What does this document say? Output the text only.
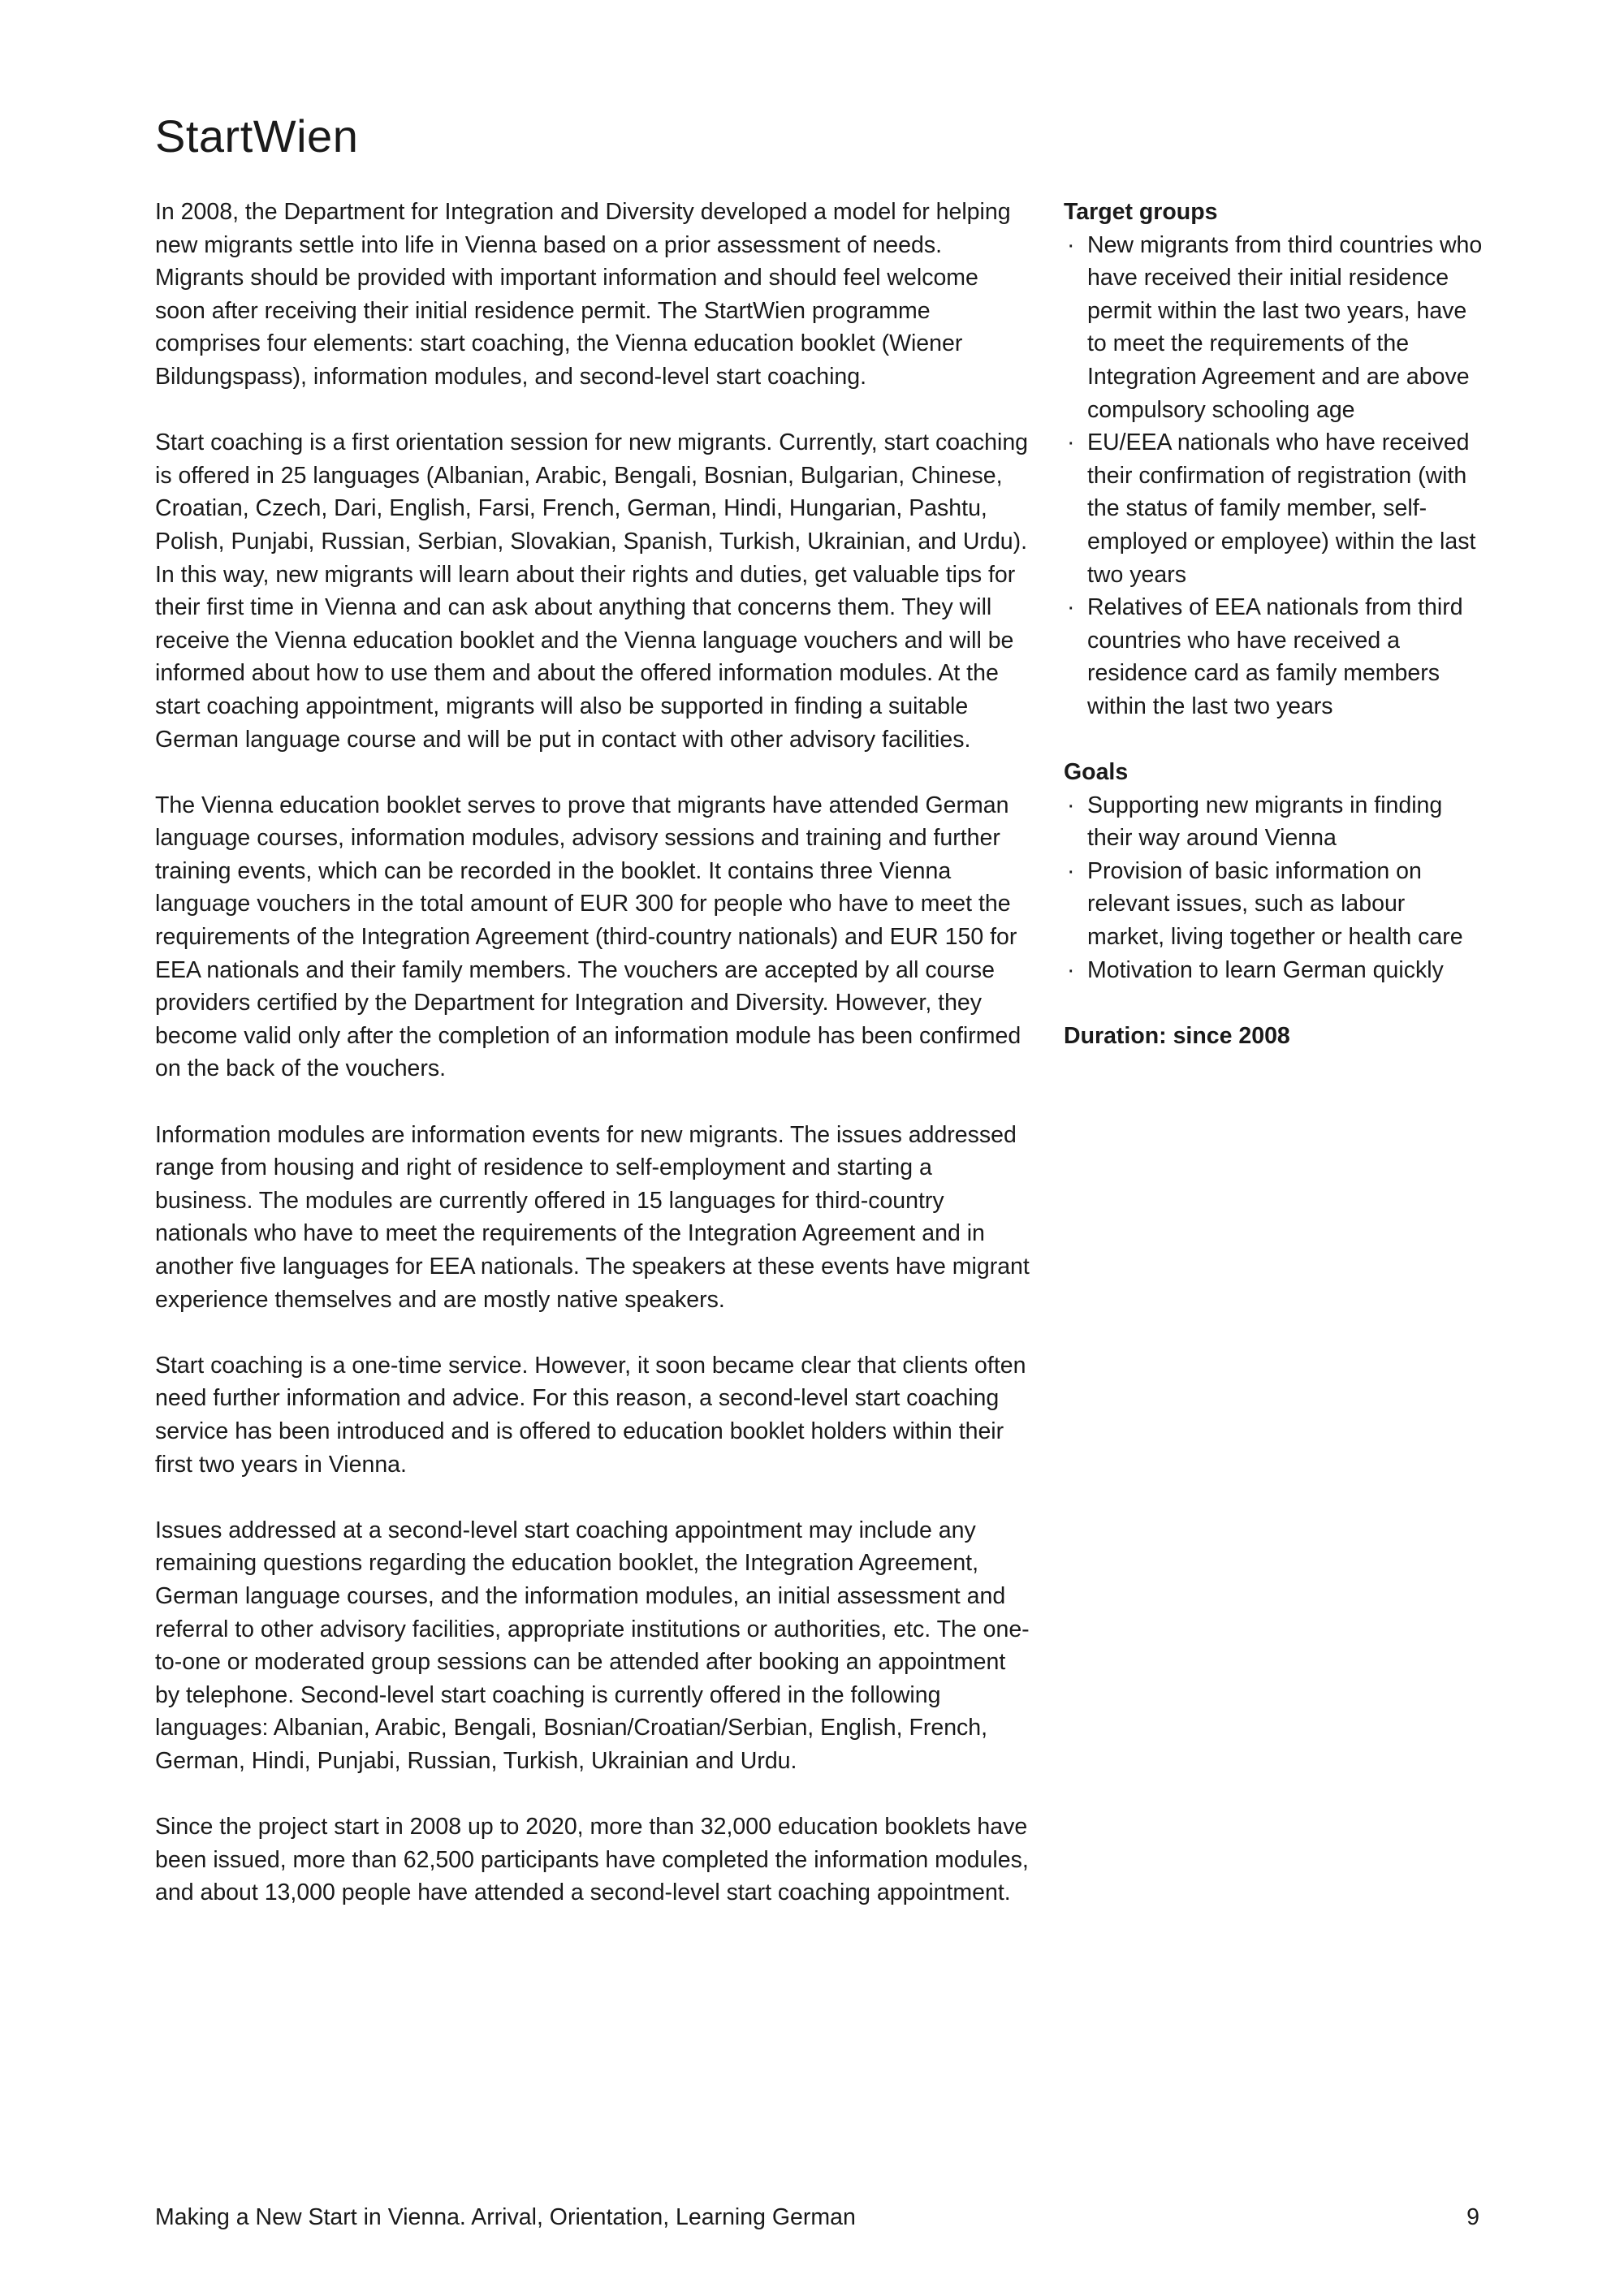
StartWien

In 2008, the Department for Integration and Diversity developed a model for helping new migrants settle into life in Vienna based on a prior assessment of needs. Migrants should be provided with important information and should feel welcome soon after receiving their initial residence permit. The StartWien programme comprises four elements: start coaching, the Vienna education booklet (Wiener Bildungspass), information modules, and second-level start coaching.

Start coaching is a first orientation session for new migrants. Currently, start coaching is offered in 25 languages (Albanian, Arabic, Bengali, Bosnian, Bulgarian, Chinese, Croatian, Czech, Dari, English, Farsi, French, German, Hindi, Hungarian, Pashtu, Polish, Punjabi, Russian, Serbian, Slovakian, Spanish, Turkish, Ukrainian, and Urdu). In this way, new migrants will learn about their rights and duties, get valuable tips for their first time in Vienna and can ask about anything that concerns them. They will receive the Vienna education booklet and the Vienna language vouchers and will be informed about how to use them and about the offered information modules. At the start coaching appointment, migrants will also be supported in finding a suitable German language course and will be put in contact with other advisory facilities.

The Vienna education booklet serves to prove that migrants have attended German language courses, information modules, advisory sessions and training and further training events, which can be recorded in the booklet. It contains three Vienna language vouchers in the total amount of EUR 300 for people who have to meet the requirements of the Integration Agreement (third-country nationals) and EUR 150 for EEA nationals and their family members. The vouchers are accepted by all course providers certified by the Department for Integration and Diversity. However, they become valid only after the completion of an information module has been confirmed on the back of the vouchers.

Information modules are information events for new migrants. The issues addressed range from housing and right of residence to self-employment and starting a business. The modules are currently offered in 15 languages for third-country nationals who have to meet the requirements of the Integration Agreement and in another five languages for EEA nationals. The speakers at these events have migrant experience themselves and are mostly native speakers.

Start coaching is a one-time service. However, it soon became clear that clients often need further information and advice. For this reason, a second-level start coaching service has been introduced and is offered to education booklet holders within their first two years in Vienna.

Issues addressed at a second-level start coaching appointment may include any remaining questions regarding the education booklet, the Integration Agreement, German language courses, and the information modules, an initial assessment and referral to other advisory facilities, appropriate institutions or authorities, etc. The one-to-one or moderated group sessions can be attended after booking an appointment by telephone. Second-level start coaching is currently offered in the following languages: Albanian, Arabic, Bengali, Bosnian/Croatian/Serbian, English, French, German, Hindi, Punjabi, Russian, Turkish, Ukrainian and Urdu.

Since the project start in 2008 up to 2020, more than 32,000 education booklets have been issued, more than 62,500 participants have completed the information modules, and about 13,000 people have attended a second-level start coaching appointment.

Target groups

· New migrants from third countries who have received their initial residence permit within the last two years, have to meet the requirements of the Integration Agreement and are above compulsory schooling age
· EU/EEA nationals who have received their confirmation of registration (with the status of family member, self-employed or employee) within the last two years
· Relatives of EEA nationals from third countries who have received a residence card as family members within the last two years

Goals

· Supporting new migrants in finding their way around Vienna
· Provision of basic information on relevant issues, such as labour market, living together or health care
· Motivation to learn German quickly

Duration: since 2008

Making a New Start in Vienna. Arrival, Orientation, Learning German	9
